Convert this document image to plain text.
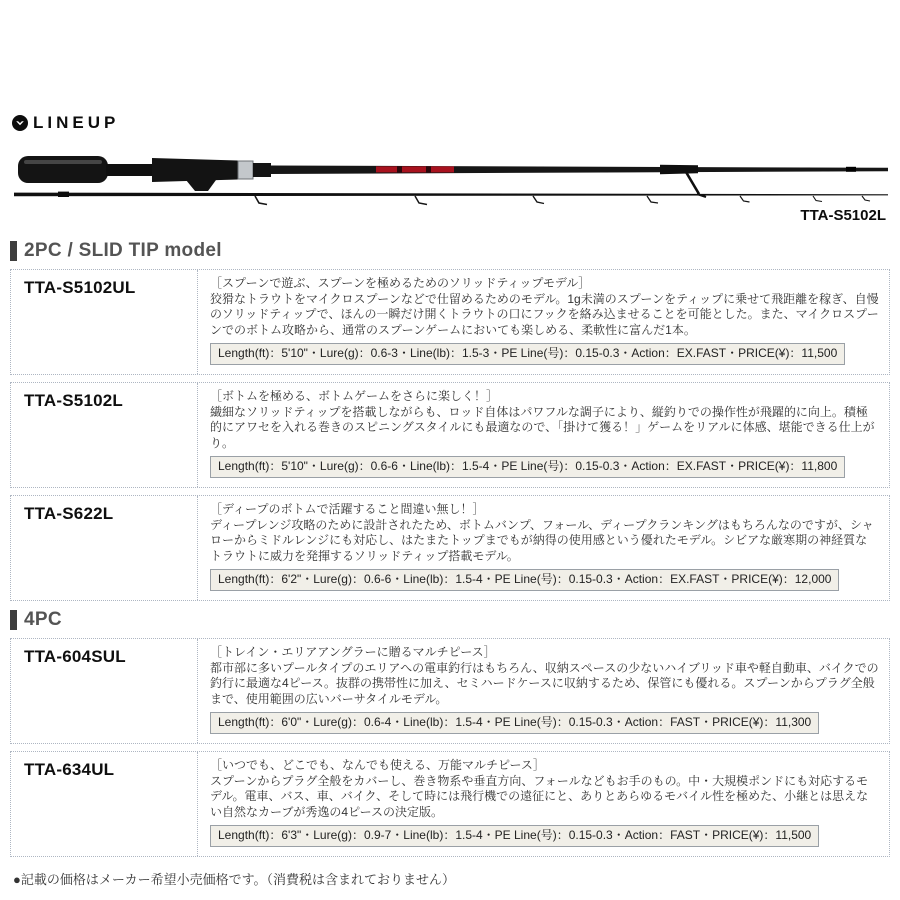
LINEUP
TTA-S5102L
2PC / SLID TIP model
TTA-S5102UL	［スプーンで遊ぶ、スプーンを極めるためのソリッドティップモデル］

狡猾なトラウトをマイクロスプーンなどで仕留めるためのモデル。1g未満のスプーンをティップに乗せて飛距離を稼ぎ、自慢のソリッドティップで、ほんの一瞬だけ開くトラウトの口にフックを絡み込ませることを可能とした。また、マイクロスプーンでのボトム攻略から、通常のスプーンゲームにおいても楽しめる、柔軟性に富んだ1本。

Length(ft)：5'10"・Lure(g)：0.6-3・Line(lb)：1.5-3・PE Line(号)：0.15-0.3・Action：EX.FAST・PRICE(¥)：11,500
TTA-S5102L	［ボトムを極める、ボトムゲームをさらに楽しく！］

繊細なソリッドティップを搭載しながらも、ロッド自体はパワフルな調子により、縦釣りでの操作性が飛躍的に向上。積極的にアワセを入れる巻きのスピニングスタイルにも最適なので、「掛けて獲る！」ゲームをリアルに体感、堪能できる仕上がり。

Length(ft)：5'10"・Lure(g)：0.6-6・Line(lb)：1.5-4・PE Line(号)：0.15-0.3・Action：EX.FAST・PRICE(¥)：11,800
TTA-S622L	［ディープのボトムで活躍すること間違い無し！］

ディープレンジ攻略のために設計されたため、ボトムバンプ、フォール、ディープクランキングはもちろんなのですが、シャローからミドルレンジにも対応し、はたまたトップまでもが納得の使用感という優れたモデル。シビアな厳寒期の神経質なトラウトに威力を発揮するソリッドティップ搭載モデル。

Length(ft)：6'2"・Lure(g)：0.6-6・Line(lb)：1.5-4・PE Line(号)：0.15-0.3・Action：EX.FAST・PRICE(¥)：12,000
4PC
TTA-604SUL	［トレイン・エリアアングラーに贈るマルチピース］

都市部に多いプールタイプのエリアへの電車釣行はもちろん、収納スペースの少ないハイブリッド車や軽自動車、バイクでの釣行に最適な4ピース。抜群の携帯性に加え、セミハードケースに収納するため、保管にも優れる。スプーンからプラグ全般まで、使用範囲の広いバーサタイルモデル。

Length(ft)：6'0"・Lure(g)：0.6-4・Line(lb)：1.5-4・PE Line(号)：0.15-0.3・Action：FAST・PRICE(¥)：11,300
TTA-634UL	［いつでも、どこでも、なんでも使える、万能マルチピース］

スプーンからプラグ全般をカバーし、巻き物系や垂直方向、フォールなどもお手のもの。中・大規模ポンドにも対応するモデル。電車、バス、車、バイク、そして時には飛行機での遠征にと、ありとあらゆるモバイル性を極めた、小継とは思えない自然なカーブが秀逸の4ピースの決定版。

Length(ft)：6'3"・Lure(g)：0.9-7・Line(lb)：1.5-4・PE Line(号)：0.15-0.3・Action：FAST・PRICE(¥)：11,500
●記載の価格はメーカー希望小売価格です。（消費税は含まれておりません）
